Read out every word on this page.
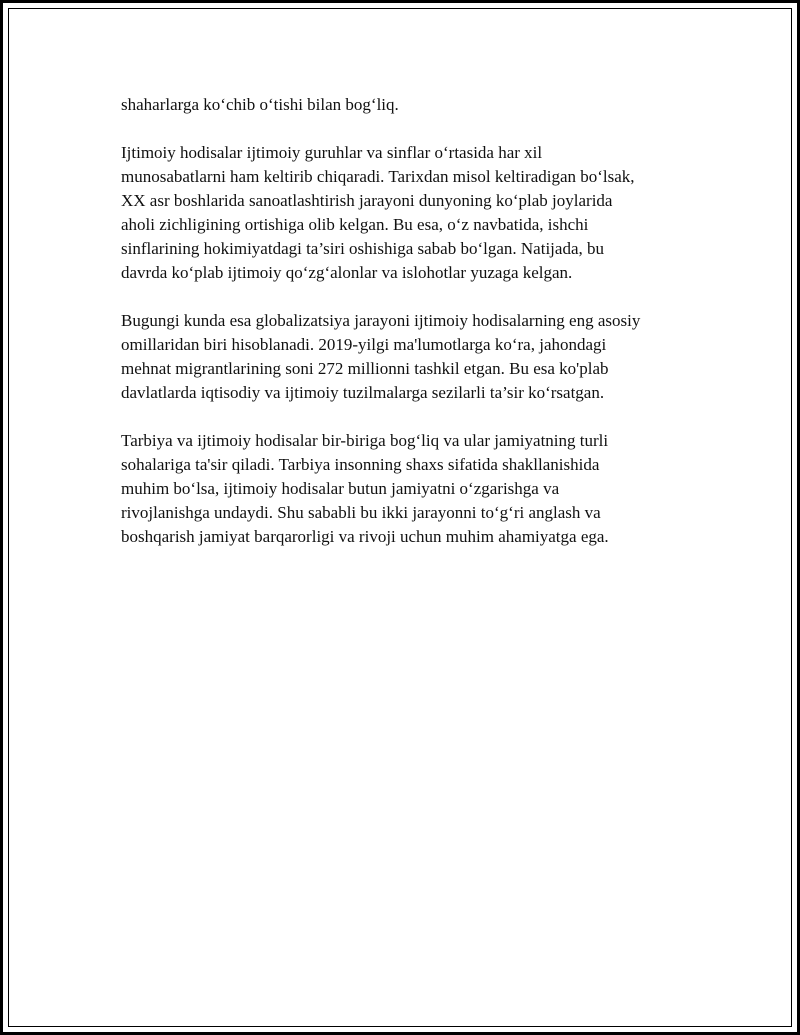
shaharlarga ko‘chib o‘tishi bilan bog‘liq.

Ijtimoiy hodisalar ijtimoiy guruhlar va sinflar o‘rtasida har xil
munosabatlarni ham keltirib chiqaradi. Tarixdan misol keltiradigan bo‘lsak,
XX asr boshlarida sanoatlashtirish jarayoni dunyoning ko‘plab joylarida
aholi zichligining ortishiga olib kelgan. Bu esa, o‘z navbatida, ishchi
sinflarining hokimiyatdagi ta’siri oshishiga sabab bo‘lgan. Natijada, bu
davrda ko‘plab ijtimoiy qo‘zg‘alonlar va islohotlar yuzaga kelgan.

Bugungi kunda esa globalizatsiya jarayoni ijtimoiy hodisalarning eng asosiy
omillaridan biri hisoblanadi. 2019-yilgi ma'lumotlarga ko‘ra, jahondagi
mehnat migrantlarining soni 272 millionni tashkil etgan. Bu esa ko'plab
davlatlarda iqtisodiy va ijtimoiy tuzilmalarga sezilarli ta’sir ko‘rsatgan.

Tarbiya va ijtimoiy hodisalar bir-biriga bog‘liq va ular jamiyatning turli
sohalariga ta'sir qiladi. Tarbiya insonning shaxs sifatida shakllanishida
muhim bo‘lsa, ijtimoiy hodisalar butun jamiyatni o‘zgarishga va
rivojlanishga undaydi. Shu sababli bu ikki jarayonni to‘g‘ri anglash va
boshqarish jamiyat barqarorligi va rivoji uchun muhim ahamiyatga ega.
